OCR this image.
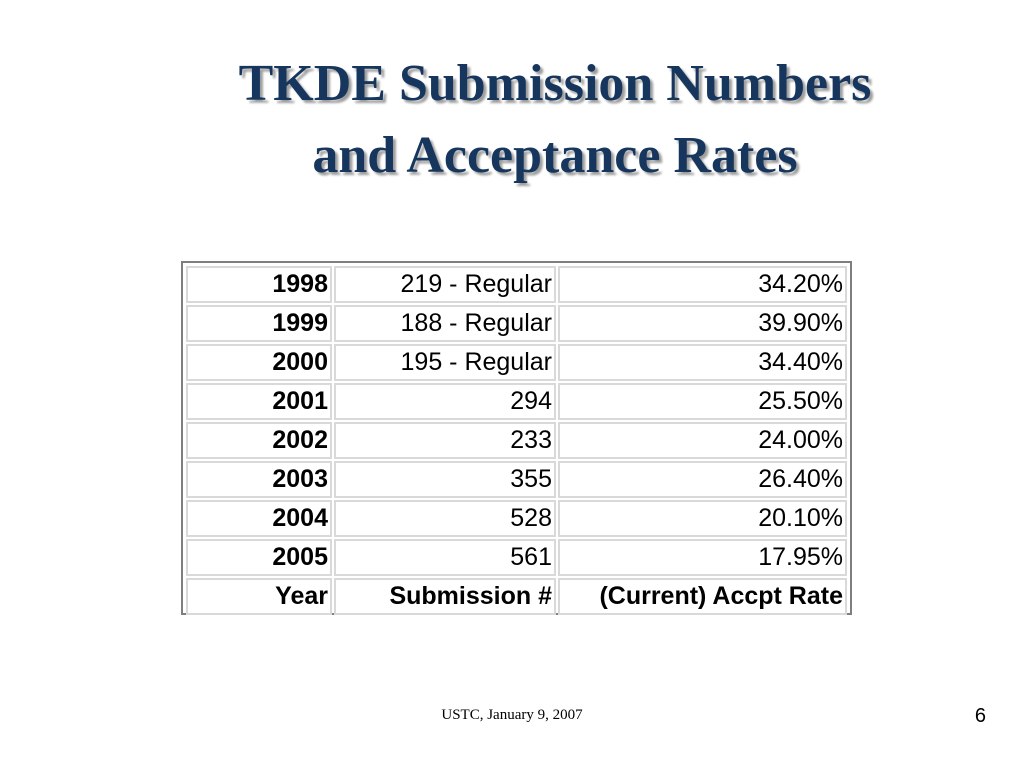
TKDE Submission Numbers
and Acceptance Rates
1998	219 - Regular	34.20%
1999	188 - Regular	39.90%
2000	195 - Regular	34.40%
2001	294	25.50%
2002	233	24.00%
2003	355	26.40%
2004	528	20.10%
2005	561	17.95%
Year	Submission #	(Current) Accpt Rate
USTC, January 9, 2007	6
